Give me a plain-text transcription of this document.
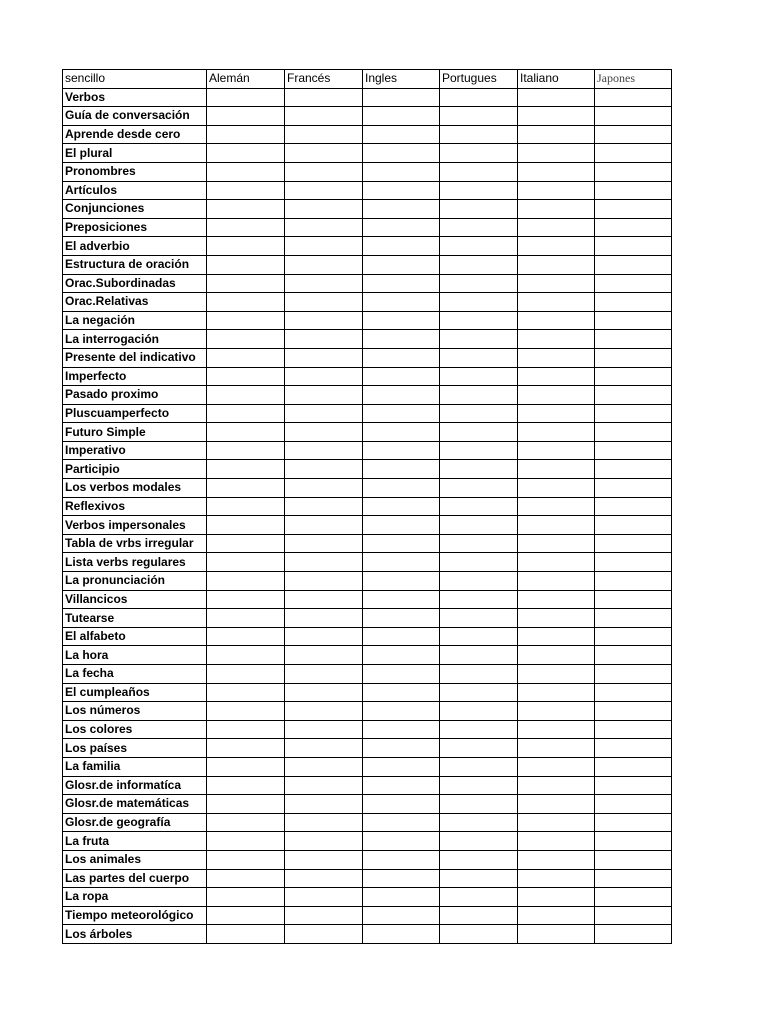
sencillo	Alemán	Francés	Ingles	Portugues	Italiano	Japones
Verbos						
Guía de conversación						
Aprende desde cero						
El plural						
Pronombres						
Artículos						
Conjunciones						
Preposiciones						
El adverbio						
Estructura de oración						
Orac.Subordinadas						
Orac.Relativas						
La negación						
La interrogación						
Presente del indicativo						
Imperfecto						
Pasado proximo						
Pluscuamperfecto						
Futuro Simple						
Imperativo						
Participio						
Los verbos modales						
Reflexivos						
Verbos impersonales						
Tabla de vrbs irregular						
Lista verbs regulares						
La pronunciación						
Villancicos						
Tutearse						
El alfabeto						
La hora						
La fecha						
El cumpleaños						
Los números						
Los colores						
Los países						
La familia						
Glosr.de informatíca						
Glosr.de matemáticas						
Glosr.de geografía						
La fruta						
Los animales						
Las partes del cuerpo						
La ropa						
Tiempo meteorológico						
Los árboles						
